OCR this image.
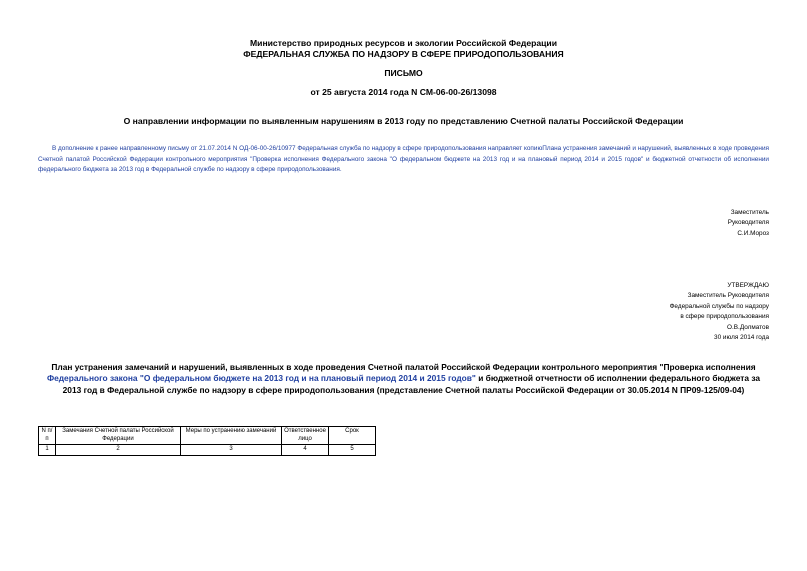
Министерство природных ресурсов и экологии Российской Федерации
ФЕДЕРАЛЬНАЯ СЛУЖБА ПО НАДЗОРУ В СФЕРЕ ПРИРОДОПОЛЬЗОВАНИЯ
ПИСЬМО
от 25 августа 2014 года N СМ-06-00-26/13098
О направлении информации по выявленным нарушениям в 2013 году по представлению Счетной палаты Российской Федерации
В дополнение к ранее направленному письму от 21.07.2014 N ОД-06-00-26/10977 Федеральная служба по надзору в сфере природопользования направляет копиюПлана устранения замечаний и нарушений, выявленных в ходе проведения Счетной палатой Российской Федерации контрольного мероприятия "Проверка исполнения Федерального закона "О федеральном бюджете на 2013 год и на плановый период 2014 и 2015 годов" и бюджетной отчетности об исполнении федерального бюджета за 2013 год в Федеральной службе по надзору в сфере природопользования.
Заместитель
Руководителя
С.И.Мороз
УТВЕРЖДАЮ
Заместитель Руководителя
Федеральной службы по надзору
в сфере природопользования
О.В.Долматов
30 июля 2014 года
План устранения замечаний и нарушений, выявленных в ходе проведения Счетной палатой Российской Федерации контрольного мероприятия "Проверка исполнения Федерального закона "О федеральном бюджете на 2013 год и на плановый период 2014 и 2015 годов" и бюджетной отчетности об исполнении федерального бюджета за 2013 год в Федеральной службе по надзору в сфере природопользования (представление Счетной палаты Российской Федерации от 30.05.2014 N ПР09-125/09-04)
N п/п	Замечания Счетной палаты Российской Федерации	Меры по устранению замечаний	Ответственное лицо	Срок
1	2	3	4	5
